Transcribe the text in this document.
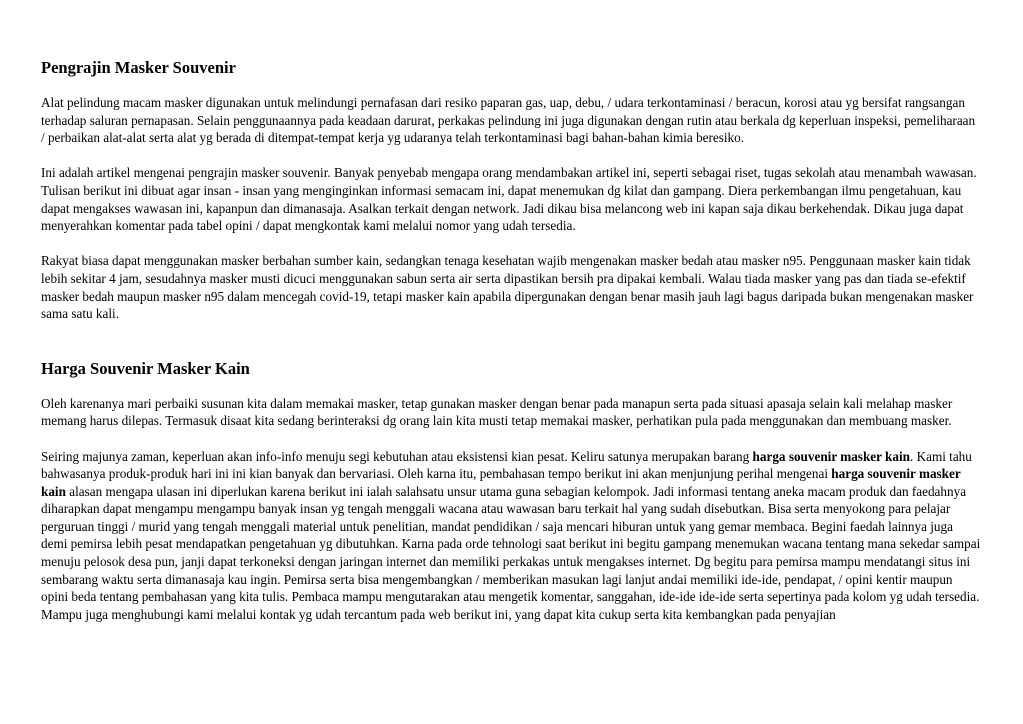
Pengrajin Masker Souvenir

Alat pelindung macam masker digunakan untuk melindungi pernafasan dari resiko paparan gas, uap, debu, / udara terkontaminasi / beracun, korosi atau yg bersifat rangsangan terhadap saluran pernapasan. Selain penggunaannya pada keadaan darurat, perkakas pelindung ini juga digunakan dengan rutin atau berkala dg keperluan inspeksi, pemeliharaan / perbaikan alat-alat serta alat yg berada di ditempat-tempat kerja yg udaranya telah terkontaminasi bagi bahan-bahan kimia beresiko.

Ini adalah artikel mengenai pengrajin masker souvenir. Banyak penyebab mengapa orang mendambakan artikel ini, seperti sebagai riset, tugas sekolah atau menambah wawasan. Tulisan berikut ini dibuat agar insan - insan yang menginginkan informasi semacam ini, dapat menemukan dg kilat dan gampang. Diera perkembangan ilmu pengetahuan, kau dapat mengakses wawasan ini, kapanpun dan dimanasaja. Asalkan terkait dengan network. Jadi dikau bisa melancong web ini kapan saja dikau berkehendak. Dikau juga dapat menyerahkan komentar pada tabel opini / dapat mengkontak kami melalui nomor yang udah tersedia.

Rakyat biasa dapat menggunakan masker berbahan sumber kain, sedangkan tenaga kesehatan wajib mengenakan masker bedah atau masker n95. Penggunaan masker kain tidak lebih sekitar 4 jam, sesudahnya masker musti dicuci menggunakan sabun serta air serta dipastikan bersih pra dipakai kembali. Walau tiada masker yang pas dan tiada se-efektif masker bedah maupun masker n95 dalam mencegah covid-19, tetapi masker kain apabila dipergunakan dengan benar masih jauh lagi bagus daripada bukan mengenakan masker sama satu kali.

Harga Souvenir Masker Kain

Oleh karenanya mari perbaiki susunan kita dalam memakai masker, tetap gunakan masker dengan benar pada manapun serta pada situasi apasaja selain kali melahap masker memang harus dilepas. Termasuk disaat kita sedang berinteraksi dg orang lain kita musti tetap memakai masker, perhatikan pula pada menggunakan dan membuang masker.

Seiring majunya zaman, keperluan akan info-info menuju segi kebutuhan atau eksistensi kian pesat. Keliru satunya merupakan barang harga souvenir masker kain. Kami tahu bahwasanya produk-produk hari ini ini kian banyak dan bervariasi. Oleh karna itu, pembahasan tempo berikut ini akan menjunjung perihal mengenai harga souvenir masker kain alasan mengapa ulasan ini diperlukan karena berikut ini ialah salahsatu unsur utama guna sebagian kelompok. Jadi informasi tentang aneka macam produk dan faedahnya diharapkan dapat mengampu mengampu banyak insan yg tengah menggali wacana atau wawasan baru terkait hal yang sudah disebutkan. Bisa serta menyokong para pelajar perguruan tinggi / murid yang tengah menggali material untuk penelitian, mandat pendidikan / saja mencari hiburan untuk yang gemar membaca. Begini faedah lainnya juga demi pemirsa lebih pesat mendapatkan pengetahuan yg dibutuhkan. Karna pada orde tehnologi saat berikut ini begitu gampang menemukan wacana tentang mana sekedar sampai menuju pelosok desa pun, janji dapat terkoneksi dengan jaringan internet dan memiliki perkakas untuk mengakses internet. Dg begitu para pemirsa mampu mendatangi situs ini sembarang waktu serta dimanasaja kau ingin. Pemirsa serta bisa mengembangkan / memberikan masukan lagi lanjut andai memiliki ide-ide, pendapat, / opini kentir maupun opini beda tentang pembahasan yang kita tulis. Pembaca mampu mengutarakan atau mengetik komentar, sanggahan, ide-ide ide-ide serta sepertinya pada kolom yg udah tersedia. Mampu juga menghubungi kami melalui kontak yg udah tercantum pada web berikut ini, yang dapat kita cukup serta kita kembangkan pada penyajian
